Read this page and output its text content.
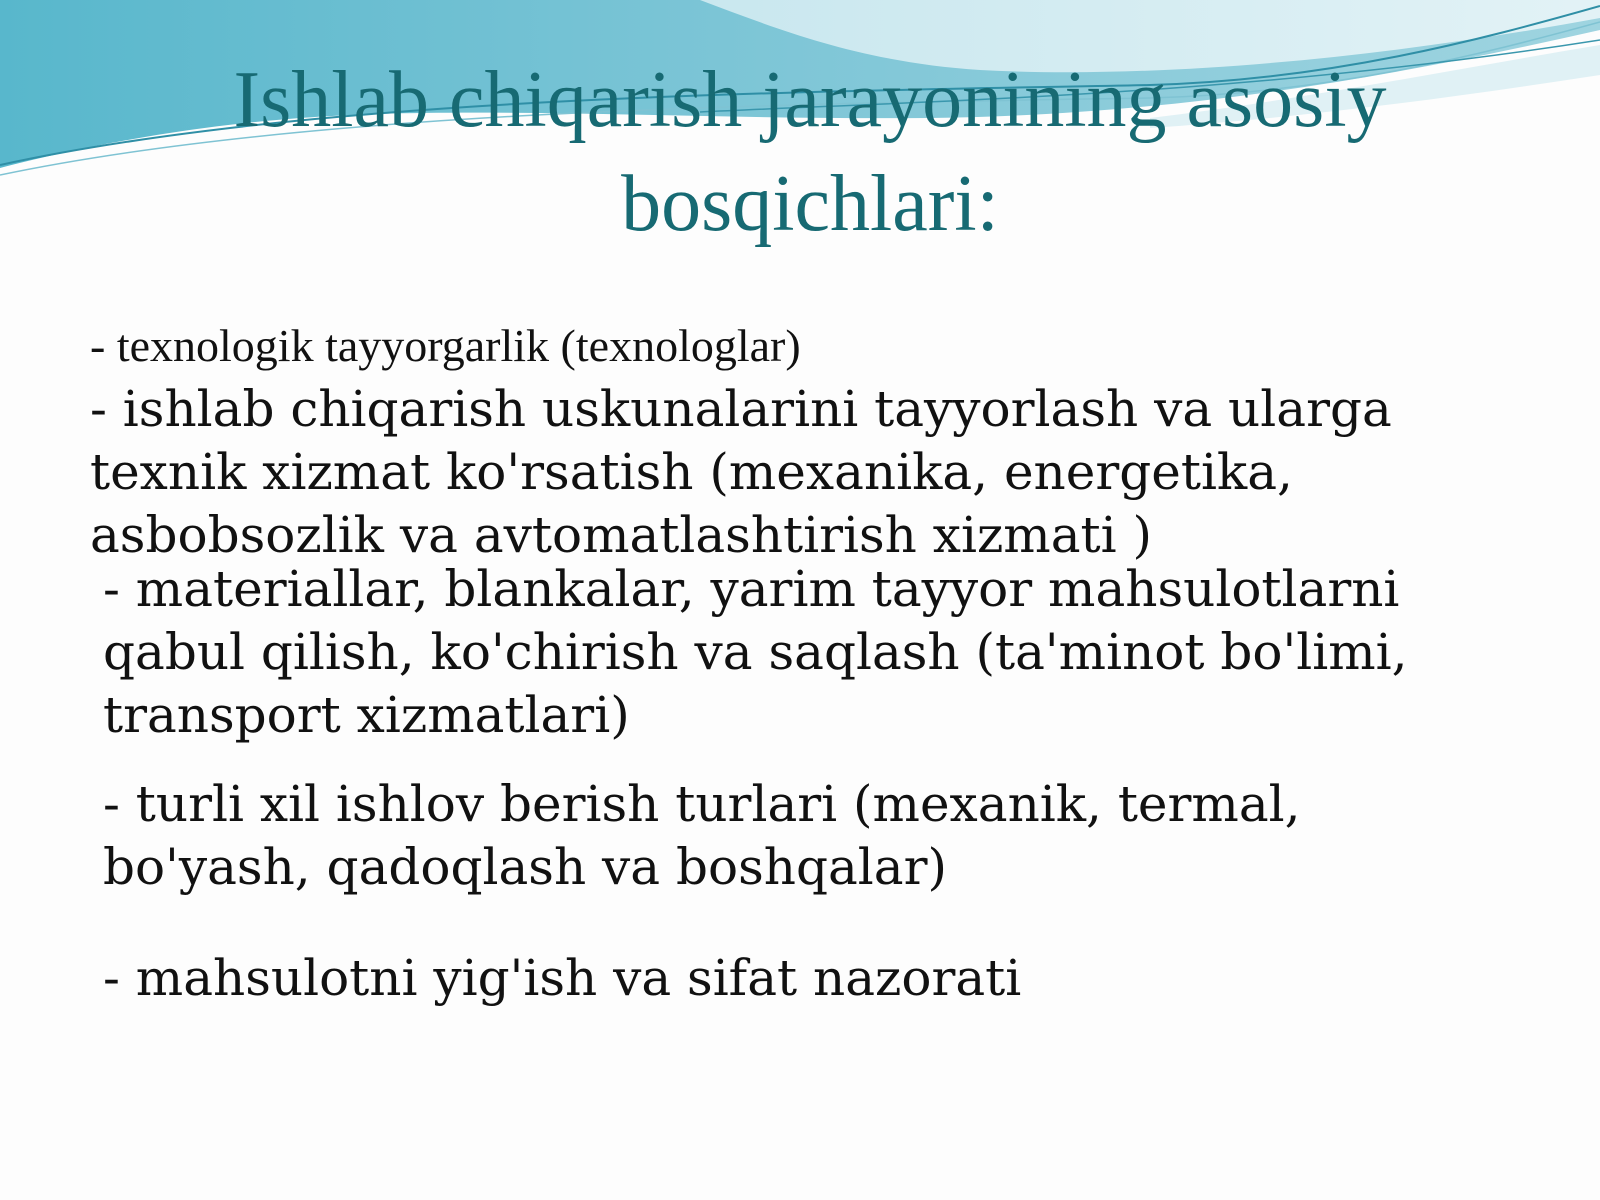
Ishlab chiqarish jarayonining asosiy bosqichlari:

- texnologik tayyorgarlik (texnologlar)

- ishlab chiqarish uskunalarini tayyorlash va ularga texnik xizmat ko'rsatish (mexanika, energetika, asbobsozlik va avtomatlashtirish xizmati )

- materiallar, blankalar, yarim tayyor mahsulotlarni qabul qilish, ko'chirish va saqlash (ta'minot bo'limi, transport xizmatlari)

- turli xil ishlov berish turlari (mexanik, termal, bo'yash, qadoqlash va boshqalar)

- mahsulotni yig'ish va sifat nazorati
